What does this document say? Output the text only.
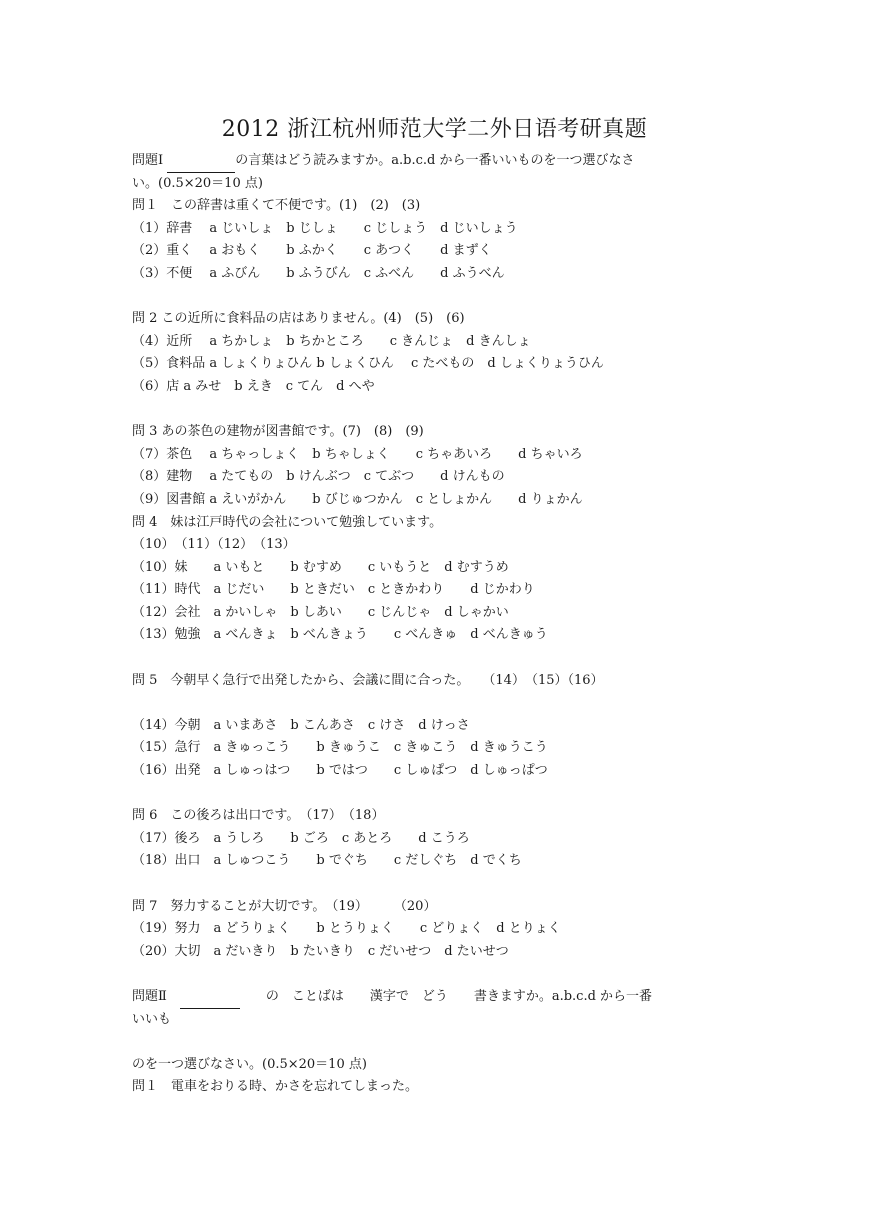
2012 浙江杭州师范大学二外日语考研真题
問題Ⅰ	の言葉はどう読みますか。a.b.c.d から一番いいものを一つ選びなさ
い。(0.5×20＝10 点)
問１　この辞書は重くて不便です。(1)　(2)　(3)
（1）辞書　 a じいしょ　b じしょ　　c じしょう　d じいしょう
（2）重く　 a おもく　　b ふかく　　c あつく　　d まずく
（3）不便　 a ふびん　　b ふうびん　c ふべん　　d ふうべん
問 2 この近所に食料品の店はありません。(4)　(5)　(6)
（4）近所　 a ちかしょ　b ちかところ　　c きんじょ　d きんしょ
（5）食料品 a しょくりょひん b しょくひん　 c たべもの　d しょくりょうひん
（6）店 a みせ　b えき　c てん　d へや
問 3 あの茶色の建物が図書館です。(7)　(8)　(9)
（7）茶色　 a ちゃっしょく　b ちゃしょく　　c ちゃあいろ　　d ちゃいろ
（8）建物　 a たてもの　b けんぶつ　c てぶつ　　d けんもの
（9）図書館 a えいがかん　　b びじゅつかん　c としょかん　　d りょかん
問 4　妹は江戸時代の会社について勉強しています。
（10）　（11）（12）　（13）
（10）妹　　a いもと　　b むすめ　　c いもうと　d むすうめ
（11）時代　a じだい　　b ときだい　c ときかわり　　d じかわり
（12）会社　a かいしゃ　b しあい　　c じんじゃ　d しゃかい
（13）勉強　a べんきょ　b べんきょう　　c べんきゅ　d べんきゅう
問 5　今朝早く急行で出発したから、会議に間に合った。　　（14）　（15）（16）
（14）今朝　a いまあさ　b こんあさ　c けさ　d けっさ
（15）急行　a きゅっこう　　b きゅうこ　c きゅこう　d きゅうこう
（16）出発　a しゅっはつ　　b ではつ　　c しゅぱつ　d しゅっぱつ
問 6　この後ろは出口です。　（17）　（18）
（17）後ろ　a うしろ　　b ごろ　c あとろ　　d こうろ
（18）出口　a しゅつこう　　b でぐち　　c だしぐち　d でくち
問 7　努力することが大切です。　（19）　　　（20）
（19）努力　a どうりょく　　b とうりょく　　c どりょく　d とりょく
（20）大切　a だいきり　b たいきり　c だいせつ　d たいせつ
問題Ⅱ　	　　の　ことばは　　漢字で　どう　　書きますか。a.b.c.d から一番
いいも
のを一つ選びなさい。(0.5×20＝10 点)
問１　電車をおりる時、かさを忘れてしまった。
